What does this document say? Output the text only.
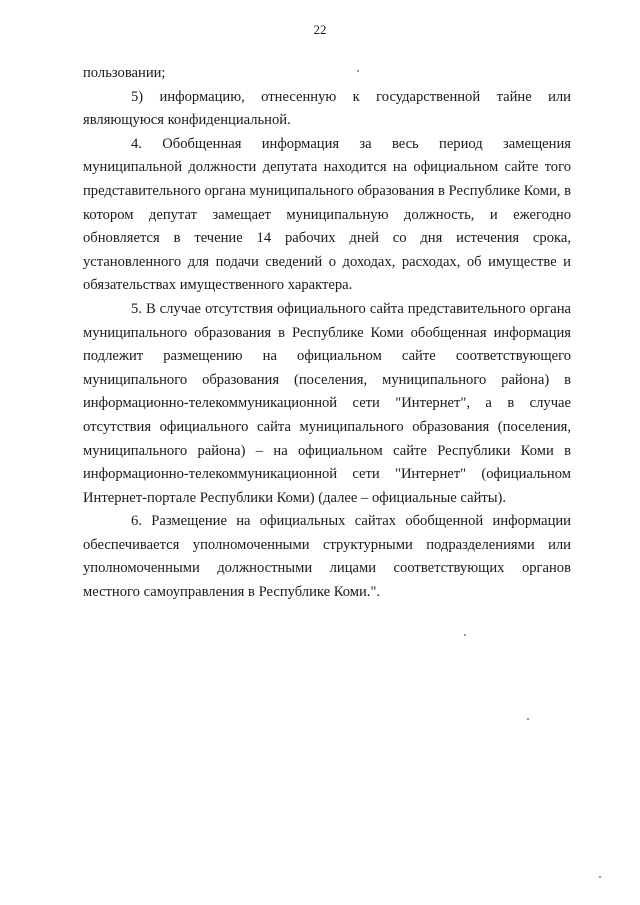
22

пользовании;

5) информацию, отнесенную к государственной тайне или являющуюся конфиденциальной.

4. Обобщенная информация за весь период замещения муниципальной должности депутата находится на официальном сайте того представительного органа муниципального образования в Республике Коми, в котором депутат замещает муниципальную должность, и ежегодно обновляется в течение 14 рабочих дней со дня истечения срока, установленного для подачи сведений о доходах, расходах, об имуществе и обязательствах имущественного характера.

5. В случае отсутствия официального сайта представительного органа муниципального образования в Республике Коми обобщенная информация подлежит размещению на официальном сайте соответствующего муниципального образования (поселения, муниципального района) в информационно-телекоммуникационной сети "Интернет", а в случае отсутствия официального сайта муниципального образования (поселения, муниципального района) – на официальном сайте Республики Коми в информационно-телекоммуникационной сети "Интернет" (официальном Интернет-портале Республики Коми) (далее – официальные сайты).

6. Размещение на официальных сайтах обобщенной информации обеспечивается уполномоченными структурными подразделениями или уполномоченными должностными лицами соответствующих органов местного самоуправления в Республике Коми.".
